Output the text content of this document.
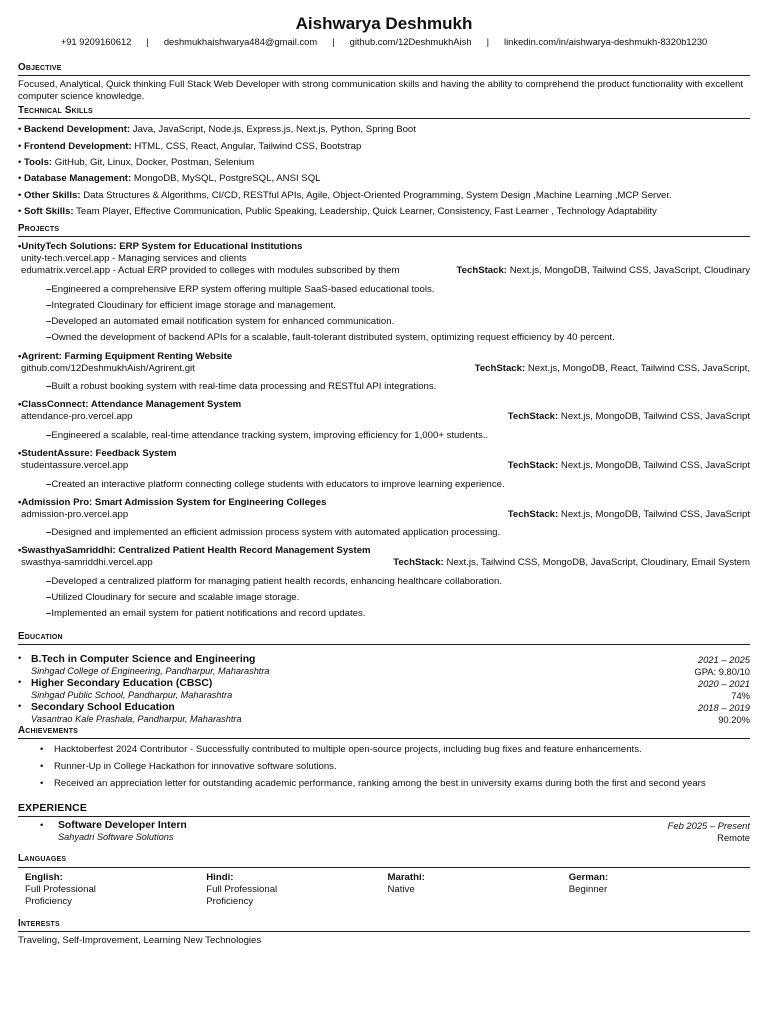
Aishwarya Deshmukh
+91 9209160612 | deshmukhaishwarya484@gmail.com | github.com/12DeshmukhAish | linkedin.com/in/aishwarya-deshmukh-8320b1230
Objective

Focused, Analytical, Quick thinking Full Stack Web Developer with strong communication skills and having the ability to comprehend the product functionality with excellent computer science knowledge.

Technical Skills
• Backend Development: Java, JavaScript, Node.js, Express.js, Next.js, Python, Spring Boot
• Frontend Development: HTML, CSS, React, Angular, Tailwind CSS, Bootstrap
• Tools: GitHub, Git, Linux, Docker, Postman, Selenium
• Database Management: MongoDB, MySQL, PostgreSQL, ANSI SQL
• Other Skills: Data Structures & Algorithms, CI/CD, RESTful APIs, Agile, Object-Oriented Programming, System Design ,Machine Learning ,MCP Server.
• Soft Skills: Team Player, Effective Communication, Public Speaking, Leadership, Quick Learner, Consistency, Fast Learner , Technology Adaptability
Projects
•UnityTech Solutions: ERP System for Educational Institutions
unity-tech.vercel.app - Managing services and clients
edumatrix.vercel.app - Actual ERP provided to colleges with modules subscribed by them	TechStack: Next.js, MongoDB, Tailwind CSS, JavaScript, Cloudinary
–Engineered a comprehensive ERP system offering multiple SaaS-based educational tools.
–Integrated Cloudinary for efficient image storage and management.
–Developed an automated email notification system for enhanced communication.
–Owned the development of backend APIs for a scalable, fault-tolerant distributed system, optimizing request efficiency by 40 percent.
•Agrirent: Farming Equipment Renting Website
github.com/12DeshmukhAish/Agrirent.git	TechStack: Next.js, MongoDB, React, Tailwind CSS, JavaScript,
–Built a robust booking system with real-time data processing and RESTful API integrations.
•ClassConnect: Attendance Management System
attendance-pro.vercel.app	TechStack: Next.js, MongoDB, Tailwind CSS, JavaScript
–Engineered a scalable, real-time attendance tracking system, improving efficiency for 1,000+ students..
•StudentAssure: Feedback System
studentassure.vercel.app	TechStack: Next.js, MongoDB, Tailwind CSS, JavaScript
–Created an interactive platform connecting college students with educators to improve learning experience.
•Admission Pro: Smart Admission System for Engineering Colleges
admission-pro.vercel.app	TechStack: Next.js, MongoDB, Tailwind CSS, JavaScript
–Designed and implemented an efficient admission process system with automated application processing.
•SwasthyaSamriddhi: Centralized Patient Health Record Management System
swasthya-samriddhi.vercel.app	TechStack: Next.js, Tailwind CSS, MongoDB, JavaScript, Cloudinary, Email System
–Developed a centralized platform for managing patient health records, enhancing healthcare collaboration.
–Utilized Cloudinary for secure and scalable image storage.
–Implemented an email system for patient notifications and record updates.
Education
• B.Tech in Computer Science and Engineering
Sinhgad College of Engineering, Pandharpur, Maharashtra
2021 – 2025
GPA: 9.80/10
• Higher Secondary Education (CBSC)
Sinhgad Public School, Pandharpur, Maharashtra
2020 – 2021
74%
• Secondary School Education
Vasantrao Kale Prashala, Pandharpur, Maharashtra
2018 – 2019
90.20%
Achievements
•	Hacktoberfest 2024 Contributor - Successfully contributed to multiple open-source projects, including bug fixes and feature enhancements.
•	Runner-Up in College Hackathon for innovative software solutions.
•	Received an appreciation letter for outstanding academic performance, ranking among the best in university exams during both the first and second years
EXPERIENCE
•	Software Developer Intern
Sahyadri Software Solutions
Feb 2025 – Present
Remote
Languages
English:
Full Professional Proficiency
Hindi:
Full Professional Proficiency
Marathi:
Native
German:
Beginner
Interests

Traveling, Self-Improvement, Learning New Technologies
